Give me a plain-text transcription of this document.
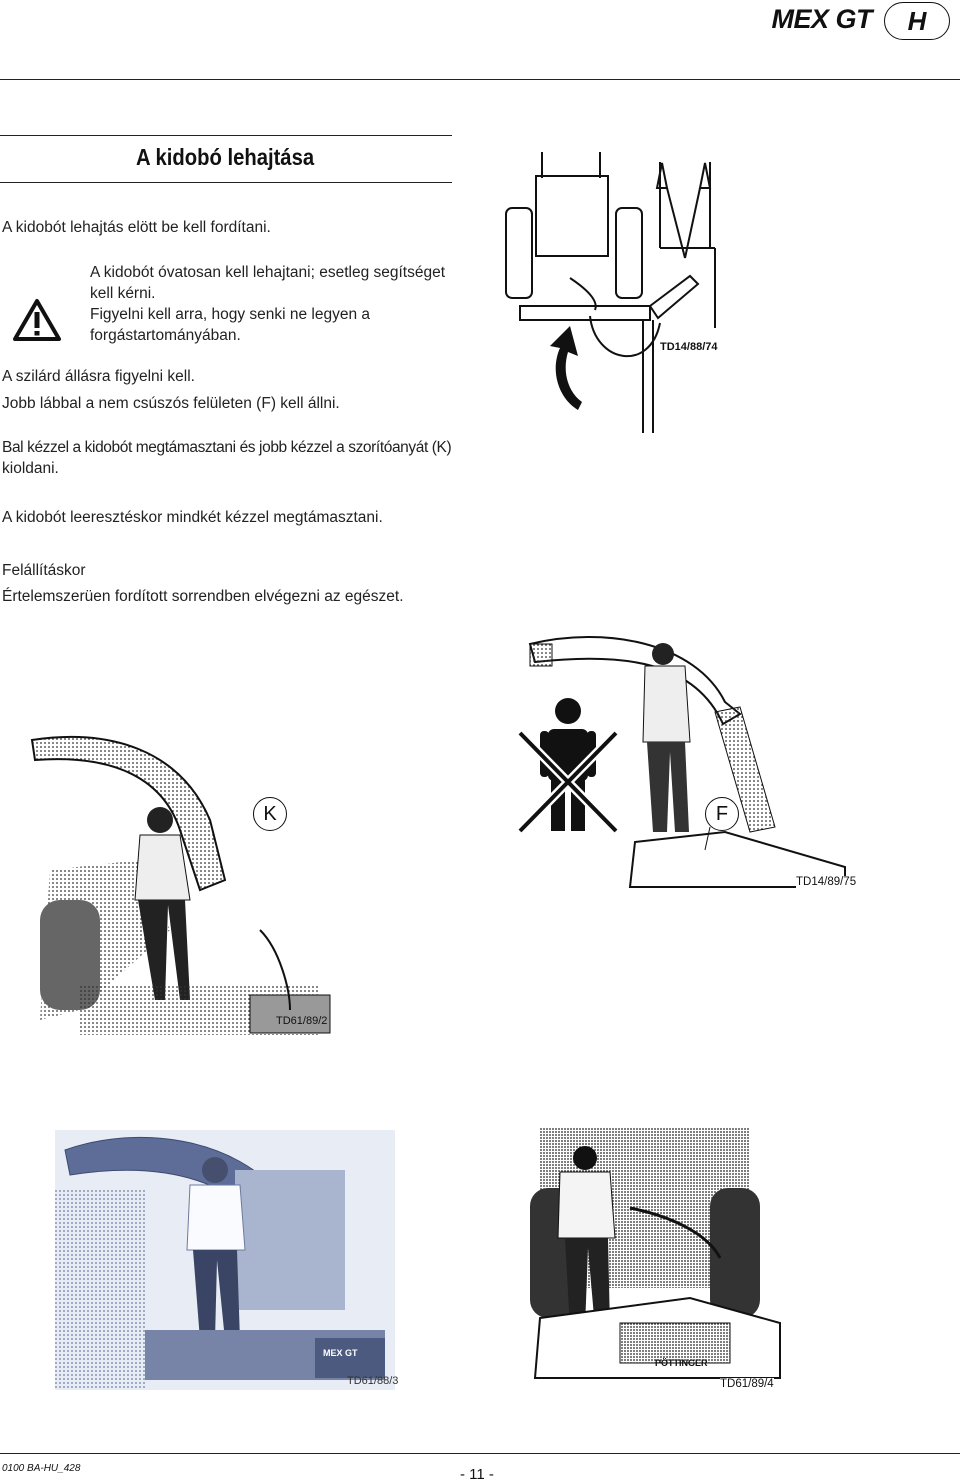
MEX GT	H
A kidobó lehajtása
A kidobót lehajtás elött be kell fordítani.
A kidobót óvatosan kell lehajtani; esetleg segítséget
kell kérni.
Figyelni kell arra, hogy senki ne legyen a
forgástartományában.
A szilárd állásra figyelni kell.
Jobb lábbal a nem csúszós felületen (F) kell állni.
Bal kézzel a kidobót megtámasztani és jobb kézzel a szorítóanyát (K)
kioldani.
A kidobót leeresztéskor mindkét kézzel megtámasztani.
Felállításkor
Értelemszerüen fordított sorrendben elvégezni az egészet.
TD14/88/74
TD61/89/2
K	F
TD14/89/75
MEX GT
TD61/88/3
PÖTTINGER
TD61/89/4
0100 BA-HU_428	- 11 -
